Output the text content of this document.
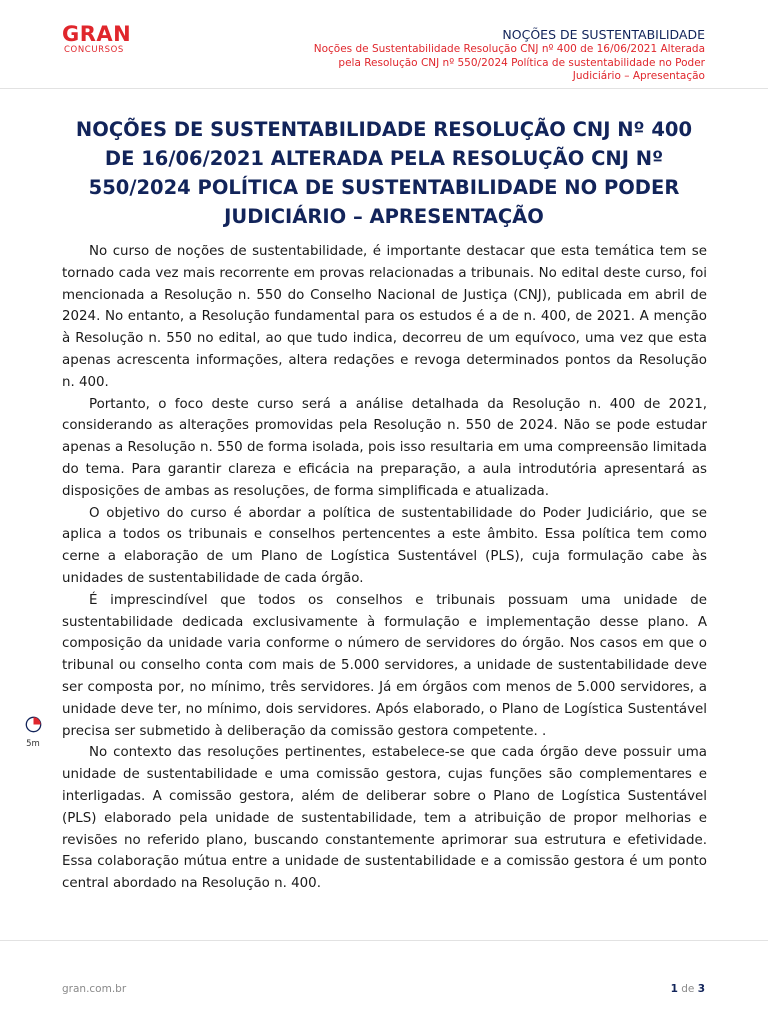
GRAN
CONCURSOS
NOÇÕES DE SUSTENTABILIDADE
Noções de Sustentabilidade Resolução CNJ nº 400 de 16/06/2021 Alterada
pela Resolução CNJ nº 550/2024 Política de sustentabilidade no Poder
Judiciário – Apresentação
NOÇÕES DE SUSTENTABILIDADE RESOLUÇÃO CNJ Nº 400 DE 16/06/2021 ALTERADA PELA RESOLUÇÃO CNJ Nº 550/2024 POLÍTICA DE SUSTENTABILIDADE NO PODER JUDICIÁRIO – APRESENTAÇÃO

No curso de noções de sustentabilidade, é importante destacar que esta temática tem se tornado cada vez mais recorrente em provas relacionadas a tribunais. No edital deste curso, foi mencionada a Resolução n. 550 do Conselho Nacional de Justiça (CNJ), publicada em abril de 2024. No entanto, a Resolução fundamental para os estudos é a de n. 400, de 2021. A menção à Resolução n. 550 no edital, ao que tudo indica, decorreu de um equívoco, uma vez que esta apenas acrescenta informações, altera redações e revoga determinados pontos da Resolução n. 400.

Portanto, o foco deste curso será a análise detalhada da Resolução n. 400 de 2021, considerando as alterações promovidas pela Resolução n. 550 de 2024. Não se pode estudar apenas a Resolução n. 550 de forma isolada, pois isso resultaria em uma compreensão limitada do tema. Para garantir clareza e eficácia na preparação, a aula introdutória apresentará as disposições de ambas as resoluções, de forma simplificada e atualizada.

O objetivo do curso é abordar a política de sustentabilidade do Poder Judiciário, que se aplica a todos os tribunais e conselhos pertencentes a este âmbito. Essa política tem como cerne a elaboração de um Plano de Logística Sustentável (PLS), cuja formulação cabe às unidades de sustentabilidade de cada órgão.

É imprescindível que todos os conselhos e tribunais possuam uma unidade de sustentabilidade dedicada exclusivamente à formulação e implementação desse plano. A composição da unidade varia conforme o número de servidores do órgão. Nos casos em que o tribunal ou conselho conta com mais de 5.000 servidores, a unidade de sustentabilidade deve ser composta por, no mínimo, três servidores. Já em órgãos com menos de 5.000 servidores, a unidade deve ter, no mínimo, dois servidores. Após elaborado, o Plano de Logística Sustentável precisa ser submetido à deliberação da comissão gestora competente. .

No contexto das resoluções pertinentes, estabelece-se que cada órgão deve possuir uma unidade de sustentabilidade e uma comissão gestora, cujas funções são complementares e interligadas. A comissão gestora, além de deliberar sobre o Plano de Logística Sustentável (PLS) elaborado pela unidade de sustentabilidade, tem a atribuição de propor melhorias e revisões no referido plano, buscando constantemente aprimorar sua estrutura e efetividade. Essa colaboração mútua entre a unidade de sustentabilidade e a comissão gestora é um ponto central abordado na Resolução n. 400.

5m
gran.com.br	1 de 3
